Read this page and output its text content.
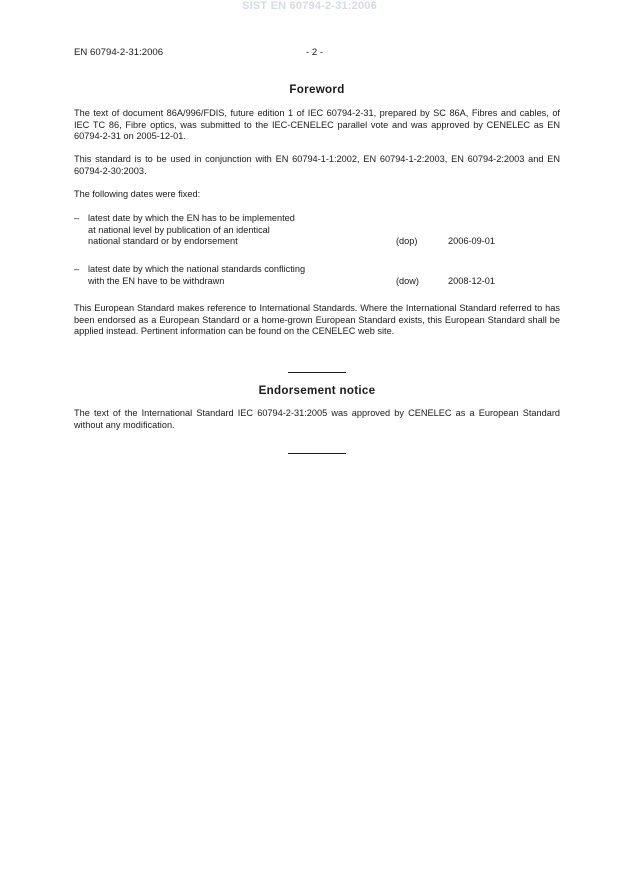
SIST EN 60794-2-31:2006
EN 60794-2-31:2006	- 2 -
Foreword

The text of document 86A/996/FDIS, future edition 1 of IEC 60794-2-31, prepared by SC 86A, Fibres and cables, of IEC TC 86, Fibre optics, was submitted to the IEC-CENELEC parallel vote and was approved by CENELEC as EN 60794-2-31 on 2005-12-01.

This standard is to be used in conjunction with EN 60794-1-1:2002, EN 60794-1-2:2003, EN 60794-2:2003 and EN 60794-2-30:2003.

The following dates were fixed:

– latest date by which the EN has to be implemented
at national level by publication of an identical
national standard or by endorsement	(dop)	2006-09-01
– latest date by which the national standards conflicting
with the EN have to be withdrawn	(dow)	2008-12-01

This European Standard makes reference to International Standards. Where the International Standard referred to has been endorsed as a European Standard or a home-grown European Standard exists, this European Standard shall be applied instead. Pertinent information can be found on the CENELEC web site.

Endorsement notice

The text of the International Standard IEC 60794-2-31:2005 was approved by CENELEC as a European Standard without any modification.
